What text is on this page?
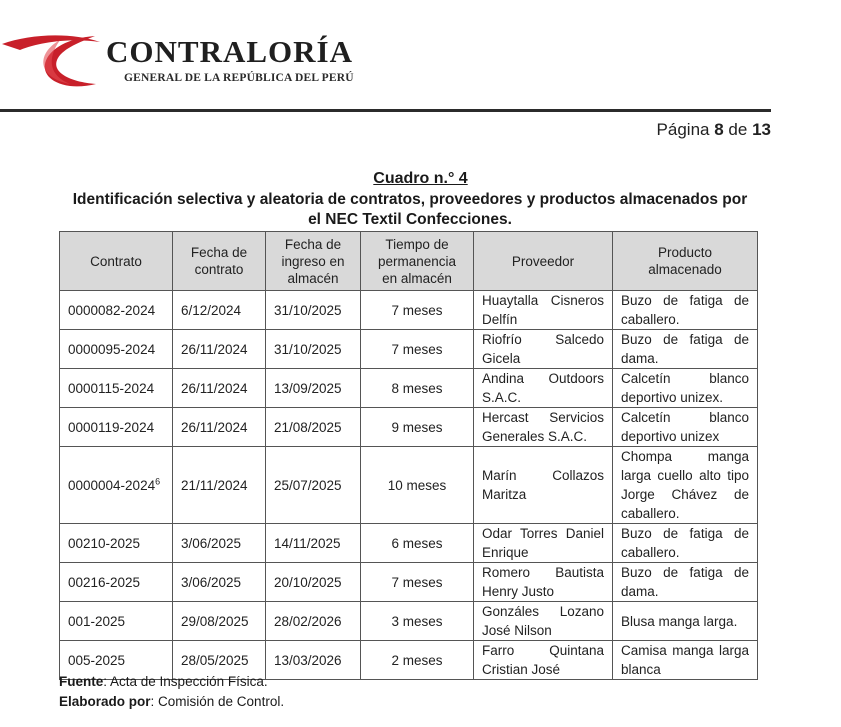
CONTRALORÍA
GENERAL DE LA REPÚBLICA DEL PERÚ
Página 8 de 13
Cuadro n.° 4
Identificación selectiva y aleatoria de contratos, proveedores y productos almacenados por
el NEC Textil Confecciones.
Contrato	Fecha de contrato	Fecha de ingreso en almacén	Tiempo de permanencia en almacén	Proveedor	Producto almacenado
0000082-2024	6/12/2024	31/10/2025	7 meses	Huaytalla Cisneros Delfín	Buzo de fatiga de caballero.
0000095-2024	26/11/2024	31/10/2025	7 meses	Riofrío Salcedo Gicela	Buzo de fatiga de dama.
0000115-2024	26/11/2024	13/09/2025	8 meses	Andina Outdoors S.A.C.	Calcetín blanco deportivo unizex.
0000119-2024	26/11/2024	21/08/2025	9 meses	Hercast Servicios Generales S.A.C.	Calcetín blanco deportivo unizex
0000004-2024$^6$	21/11/2024	25/07/2025	10 meses	Marín Collazos Maritza	Chompa manga larga cuello alto tipo Jorge Chávez de caballero.
00210-2025	3/06/2025	14/11/2025	6 meses	Odar Torres Daniel Enrique	Buzo de fatiga de caballero.
00216-2025	3/06/2025	20/10/2025	7 meses	Romero Bautista Henry Justo	Buzo de fatiga de dama.
001-2025	29/08/2025	28/02/2026	3 meses	Gonzáles Lozano José Nilson	Blusa manga larga.
005-2025	28/05/2025	13/03/2026	2 meses	Farro Quintana Cristian José	Camisa manga larga blanca
Fuente: Acta de Inspección Física.
Elaborado por: Comisión de Control.
